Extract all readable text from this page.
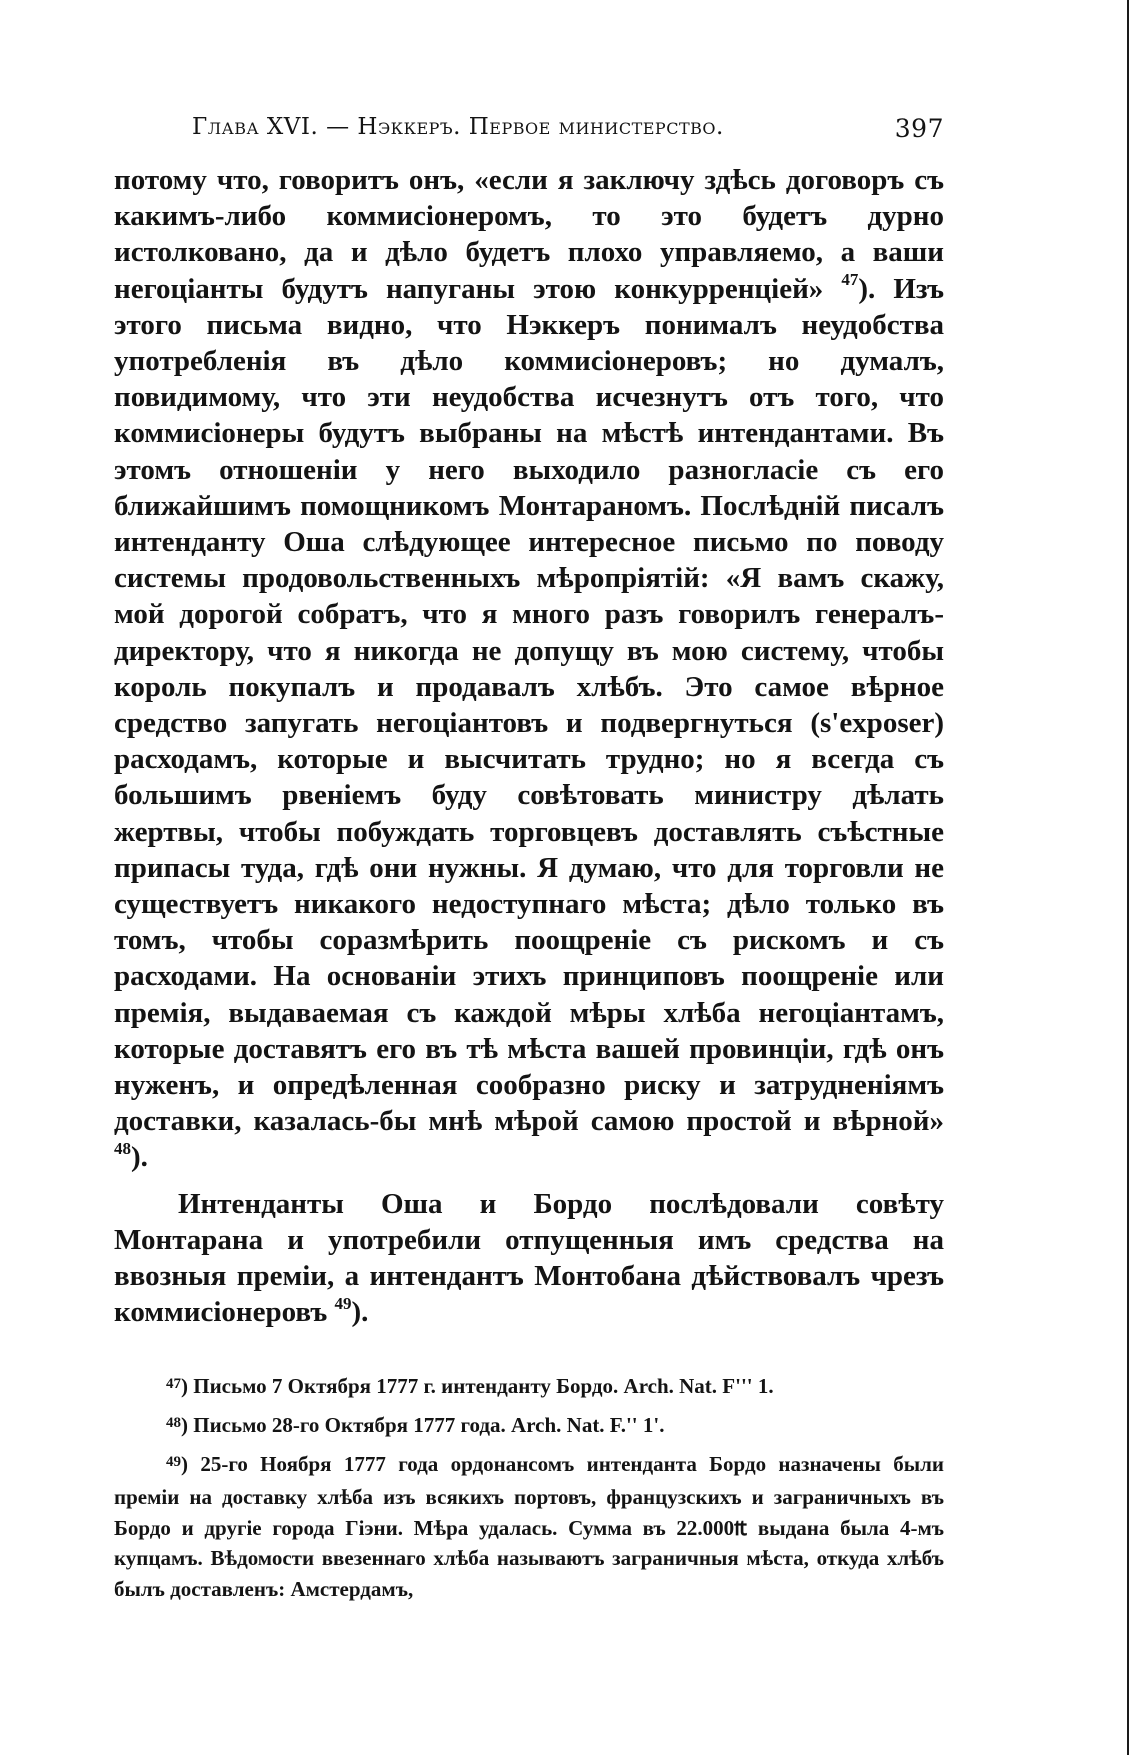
Глава XVI. — Нэккеръ. Первое министерство.	397

потому что, говоритъ онъ, «если я заключу здѣсь договоръ съ какимъ-либо коммисіонеромъ, то это будетъ дурно истолковано, да и дѣло будетъ плохо управляемо, а ваши негоціанты будутъ напуганы этою конкурренціей» $^{47}$). Изъ этого письма видно, что Нэккеръ понималъ неудобства употребленія въ дѣло коммисіонеровъ; но думалъ, повидимому, что эти неудобства исчезнутъ отъ того, что коммисіонеры будутъ выбраны на мѣстѣ интендантами. Въ этомъ отношеніи у него выходило разногласіе съ его ближайшимъ помощникомъ Монтараномъ. Послѣдній писалъ интенданту Оша слѣдующее интересное письмо по поводу системы продовольственныхъ мѣропріятій: «Я вамъ скажу, мой дорогой собратъ, что я много разъ говорилъ генералъ-директору, что я никогда не допущу въ мою систему, чтобы король покупалъ и продавалъ хлѣбъ. Это самое вѣрное средство запугать негоціантовъ и подвергнуться (s'exposer) расходамъ, которые и высчитать трудно; но я всегда съ большимъ рвеніемъ буду совѣтовать министру дѣлать жертвы, чтобы побуждать торговцевъ доставлять съѣстные припасы туда, гдѣ они нужны. Я думаю, что для торговли не существуетъ никакого недоступнаго мѣста; дѣло только въ томъ, чтобы соразмѣрить поощреніе съ рискомъ и съ расходами. На основаніи этихъ принциповъ поощреніе или премія, выдаваемая съ каждой мѣры хлѣба негоціантамъ, которые доставятъ его въ тѣ мѣста вашей провинціи, гдѣ онъ нуженъ, и опредѣленная сообразно риску и затрудненіямъ доставки, казалась-бы мнѣ мѣрой самою простой и вѣрной» $^{48}$).

Интенданты Оша и Бордо послѣдовали совѣту Монтарана и употребили отпущенныя имъ средства на ввозныя преміи, а интендантъ Монтобана дѣйствовалъ чрезъ коммисіонеровъ $^{49}$).

$^{47}$) Письмо 7 Октября 1777 г. интенданту Бордо. Arch. Nat. F''' 1.

$^{48}$) Письмо 28-го Октября 1777 года. Arch. Nat. F.'' 1'.

$^{49}$) 25-го Ноября 1777 года ордонансомъ интенданта Бордо назначены были преміи на доставку хлѣба изъ всякихъ портовъ, французскихъ и заграничныхъ въ Бордо и другіе города Гіэни. Мѣра удалась. Сумма въ 22.000₶ выдана была 4-мъ купцамъ. Вѣдомости ввезеннаго хлѣба называютъ заграничныя мѣста, откуда хлѣбъ былъ доставленъ: Амстердамъ,
